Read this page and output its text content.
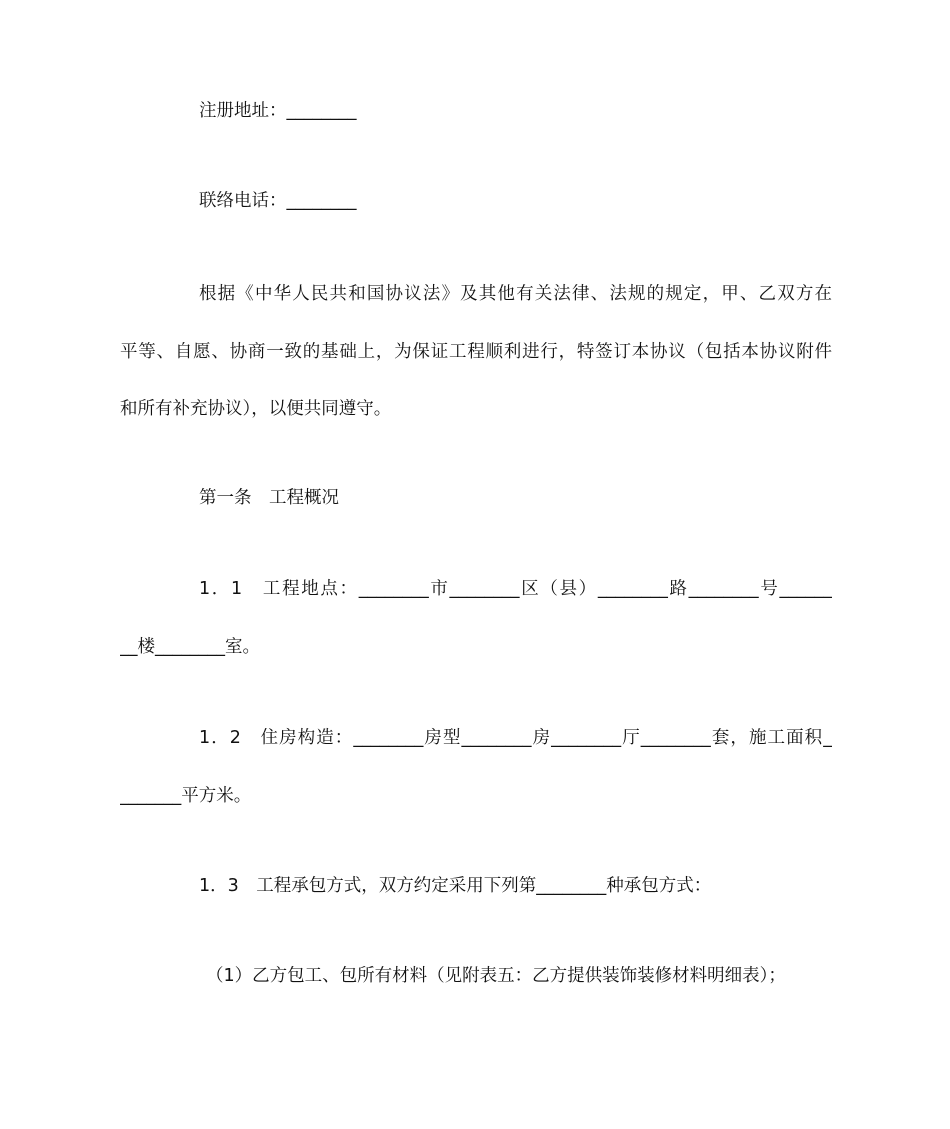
注册地址：________
联络电话：________
根据《中华人民共和国协议法》及其他有关法律、法规的规定，甲、乙双方在
平等、自愿、协商一致的基础上，为保证工程顺利进行，特签订本协议（包括本协议附件
和所有补充协议），以便共同遵守。
第一条　工程概况
1．1　工程地点：________市________区（县）________路________号______
__楼________室。
1．2　住房构造：________房型________房________厅________套，施工面积_
_______平方米。
1．3　工程承包方式，双方约定采用下列第________种承包方式：
（1）乙方包工、包所有材料（见附表五：乙方提供装饰装修材料明细表）；
